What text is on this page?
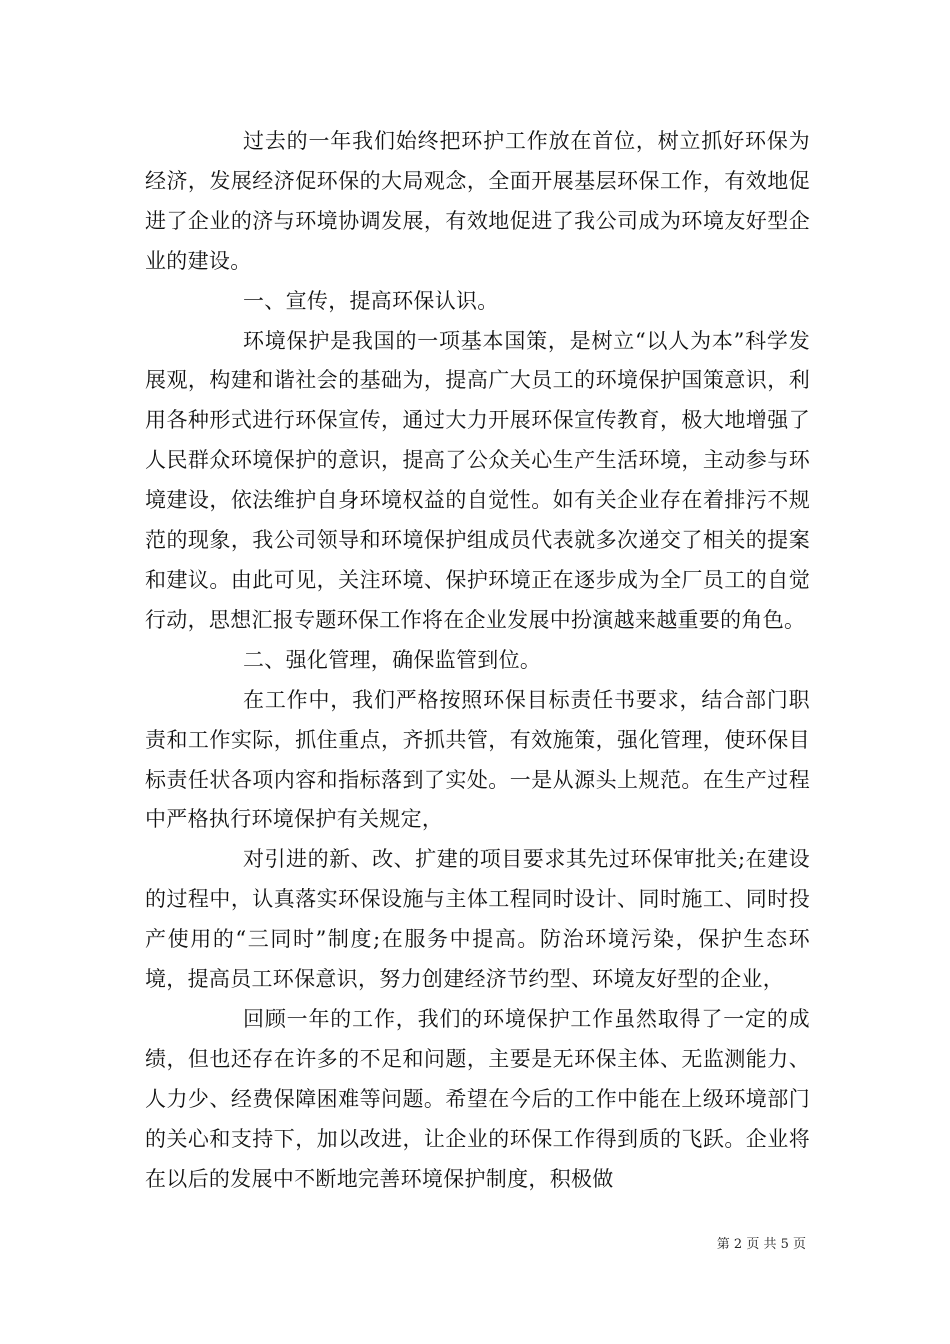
过去的一年我们始终把环护工作放在首位，树立抓好环保为经济，发展经济促环保的大局观念，全面开展基层环保工作，有效地促进了企业的济与环境协调发展，有效地促进了我公司成为环境友好型企业的建设。

一、宣传，提高环保认识。

环境保护是我国的一项基本国策，是树立“以人为本”科学发展观，构建和谐社会的基础为，提高广大员工的环境保护国策意识，利用各种形式进行环保宣传，通过大力开展环保宣传教育，极大地增强了人民群众环境保护的意识，提高了公众关心生产生活环境，主动参与环境建设，依法维护自身环境权益的自觉性。如有关企业存在着排污不规范的现象，我公司领导和环境保护组成员代表就多次递交了相关的提案和建议。由此可见，关注环境、保护环境正在逐步成为全厂员工的自觉行动，思想汇报专题环保工作将在企业发展中扮演越来越重要的角色。

二、强化管理，确保监管到位。

在工作中，我们严格按照环保目标责任书要求，结合部门职责和工作实际，抓住重点，齐抓共管，有效施策，强化管理，使环保目标责任状各项内容和指标落到了实处。一是从源头上规范。在生产过程中严格执行环境保护有关规定，

对引进的新、改、扩建的项目要求其先过环保审批关;在建设的过程中，认真落实环保设施与主体工程同时设计、同时施工、同时投产使用的“三同时”制度;在服务中提高。防治环境污染，保护生态环境，提高员工环保意识，努力创建经济节约型、环境友好型的企业，

回顾一年的工作，我们的环境保护工作虽然取得了一定的成绩，但也还存在许多的不足和问题，主要是无环保主体、无监测能力、人力少、经费保障困难等问题。希望在今后的工作中能在上级环境部门的关心和支持下，加以改进，让企业的环保工作得到质的飞跃。企业将在以后的发展中不断地完善环境保护制度，积极做

第 2 页 共 5 页
